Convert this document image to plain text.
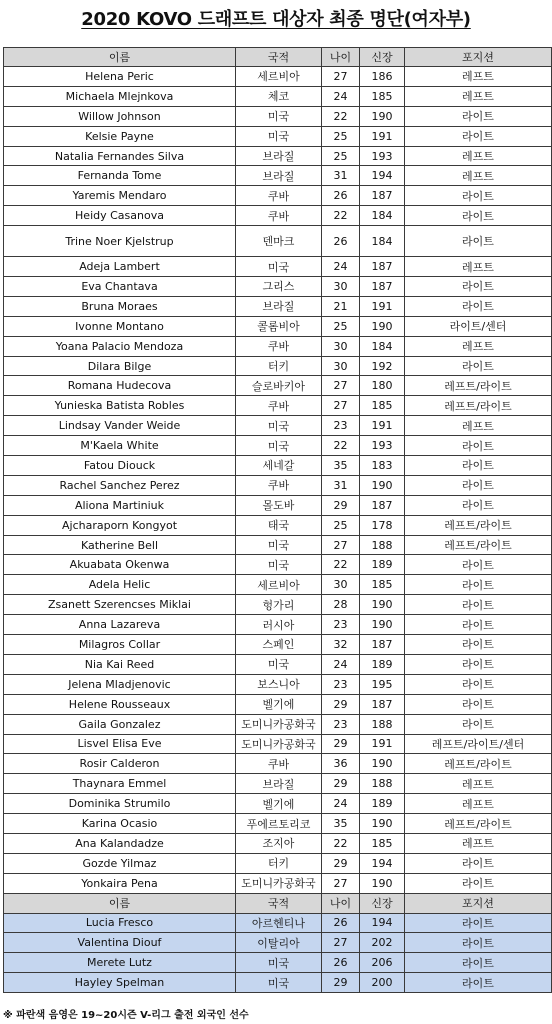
2020 KOVO 드래프트 대상자 최종 명단(여자부)
이름	국적	나이	신장	포지션
Helena Peric	세르비아	27	186	레프트
Michaela Mlejnkova	체코	24	185	레프트
Willow Johnson	미국	22	190	라이트
Kelsie Payne	미국	25	191	라이트
Natalia Fernandes Silva	브라질	25	193	레프트
Fernanda Tome	브라질	31	194	레프트
Yaremis Mendaro	쿠바	26	187	라이트
Heidy Casanova	쿠바	22	184	라이트
Trine Noer Kjelstrup	덴마크	26	184	라이트
Adeja Lambert	미국	24	187	레프트
Eva Chantava	그리스	30	187	라이트
Bruna Moraes	브라질	21	191	라이트
Ivonne Montano	콜롬비아	25	190	라이트/센터
Yoana Palacio Mendoza	쿠바	30	184	레프트
Dilara Bilge	터키	30	192	라이트
Romana Hudecova	슬로바키아	27	180	레프트/라이트
Yunieska Batista Robles	쿠바	27	185	레프트/라이트
Lindsay Vander Weide	미국	23	191	레프트
M'Kaela White	미국	22	193	라이트
Fatou Diouck	세네갈	35	183	라이트
Rachel Sanchez Perez	쿠바	31	190	라이트
Aliona Martiniuk	몰도바	29	187	라이트
Ajcharaporn Kongyot	태국	25	178	레프트/라이트
Katherine Bell	미국	27	188	레프트/라이트
Akuabata Okenwa	미국	22	189	라이트
Adela Helic	세르비아	30	185	라이트
Zsanett Szerencses Miklai	헝가리	28	190	라이트
Anna Lazareva	러시아	23	190	라이트
Milagros Collar	스페인	32	187	라이트
Nia Kai Reed	미국	24	189	라이트
Jelena Mladjenovic	보스니아	23	195	라이트
Helene Rousseaux	벨기에	29	187	라이트
Gaila Gonzalez	도미니카공화국	23	188	라이트
Lisvel Elisa Eve	도미니카공화국	29	191	레프트/라이트/센터
Rosir Calderon	쿠바	36	190	레프트/라이트
Thaynara Emmel	브라질	29	188	레프트
Dominika Strumilo	벨기에	24	189	레프트
Karina Ocasio	푸에르토리코	35	190	레프트/라이트
Ana Kalandadze	조지아	22	185	레프트
Gozde Yilmaz	터키	29	194	라이트
Yonkaira Pena	도미니카공화국	27	190	라이트
이름	국적	나이	신장	포지션
Lucia Fresco	아르헨티나	26	194	라이트
Valentina Diouf	이탈리아	27	202	라이트
Merete Lutz	미국	26	206	라이트
Hayley Spelman	미국	29	200	라이트
※ 파란색 음영은 19~20시즌 V-리그 출전 외국인 선수
